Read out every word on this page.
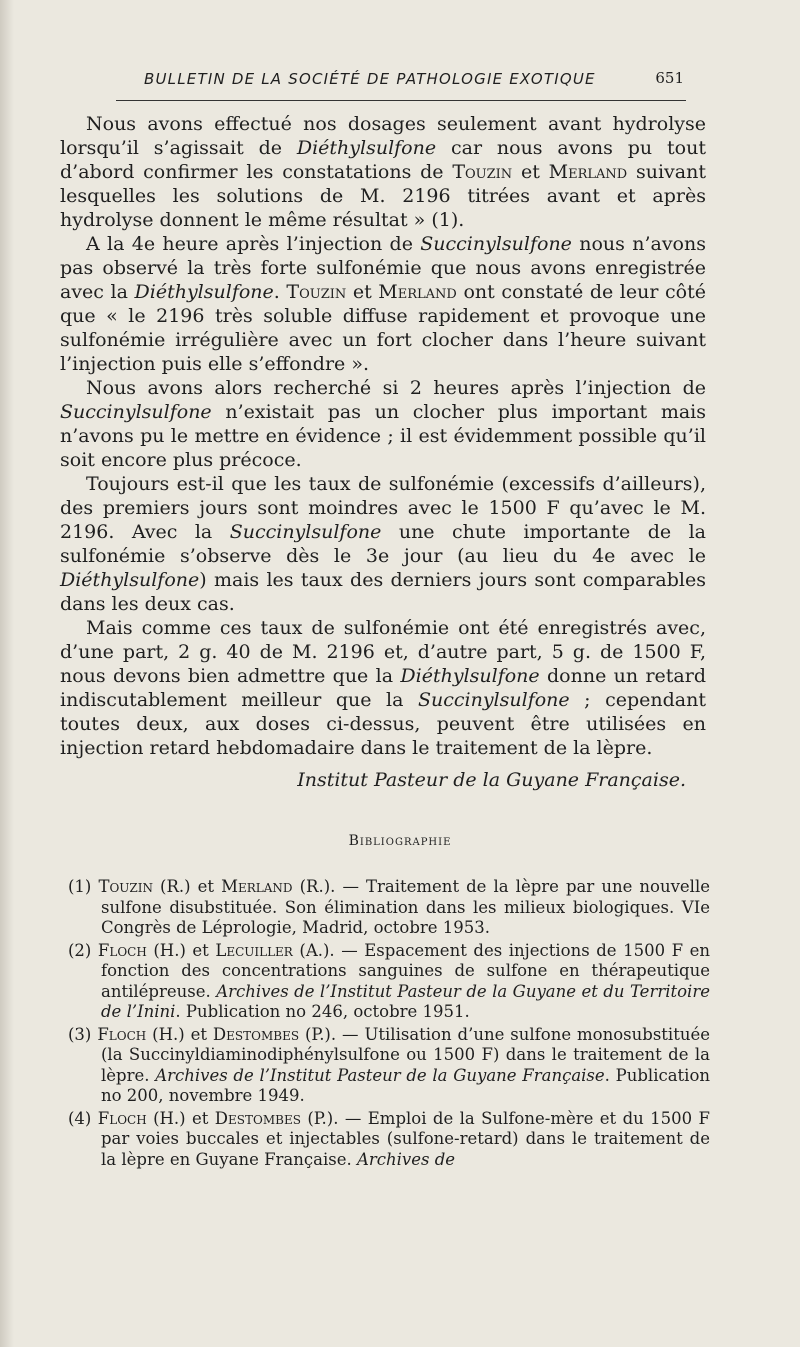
BULLETIN DE LA SOCIÉTÉ DE PATHOLOGIE EXOTIQUE	651

Nous avons effectué nos dosages seulement avant hydrolyse lorsqu’il s’agissait de Diéthylsulfone car nous avons pu tout d’abord confirmer les constatations de Touzin et Merland suivant lesquelles les solutions de M. 2196 titrées avant et après hydrolyse donnent le même résultat » (1).

A la 4e heure après l’injection de Succinylsulfone nous n’avons pas observé la très forte sulfonémie que nous avons enregistrée avec la Diéthylsulfone. Touzin et Merland ont constaté de leur côté que « le 2196 très soluble diffuse rapidement et provoque une sulfonémie irrégulière avec un fort clocher dans l’heure suivant l’injection puis elle s’effondre ».

Nous avons alors recherché si 2 heures après l’injection de Succinylsulfone n’existait pas un clocher plus important mais n’avons pu le mettre en évidence ; il est évidemment possible qu’il soit encore plus précoce.

Toujours est-il que les taux de sulfonémie (excessifs d’ailleurs), des premiers jours sont moindres avec le 1500 F qu’avec le M. 2196. Avec la Succinylsulfone une chute importante de la sulfonémie s’observe dès le 3e jour (au lieu du 4e avec le Diéthylsulfone) mais les taux des derniers jours sont comparables dans les deux cas.

Mais comme ces taux de sulfonémie ont été enregistrés avec, d’une part, 2 g. 40 de M. 2196 et, d’autre part, 5 g. de 1500 F, nous devons bien admettre que la Diéthylsulfone donne un retard indiscutablement meilleur que la Succinylsulfone ; cependant toutes deux, aux doses ci-dessus, peuvent être utilisées en injection retard hebdomadaire dans le traitement de la lèpre.

Institut Pasteur de la Guyane Française.
Bibliographie
(1) Touzin (R.) et Merland (R.). — Traitement de la lèpre par une nouvelle sulfone disubstituée. Son élimination dans les milieux biologiques. VIe Congrès de Léprologie, Madrid, octobre 1953.
(2) Floch (H.) et Lecuiller (A.). — Espacement des injections de 1500 F en fonction des concentrations sanguines de sulfone en thérapeutique antilépreuse. Archives de l’Institut Pasteur de la Guyane et du Territoire de l’Inini. Publication no 246, octobre 1951.
(3) Floch (H.) et Destombes (P.). — Utilisation d’une sulfone monosubstituée (la Succinyldiaminodiphénylsulfone ou 1500 F) dans le traitement de la lèpre. Archives de l’Institut Pasteur de la Guyane Française. Publication no 200, novembre 1949.
(4) Floch (H.) et Destombes (P.). — Emploi de la Sulfone-mère et du 1500 F par voies buccales et injectables (sulfone-retard) dans le traitement de la lèpre en Guyane Française. Archives de
